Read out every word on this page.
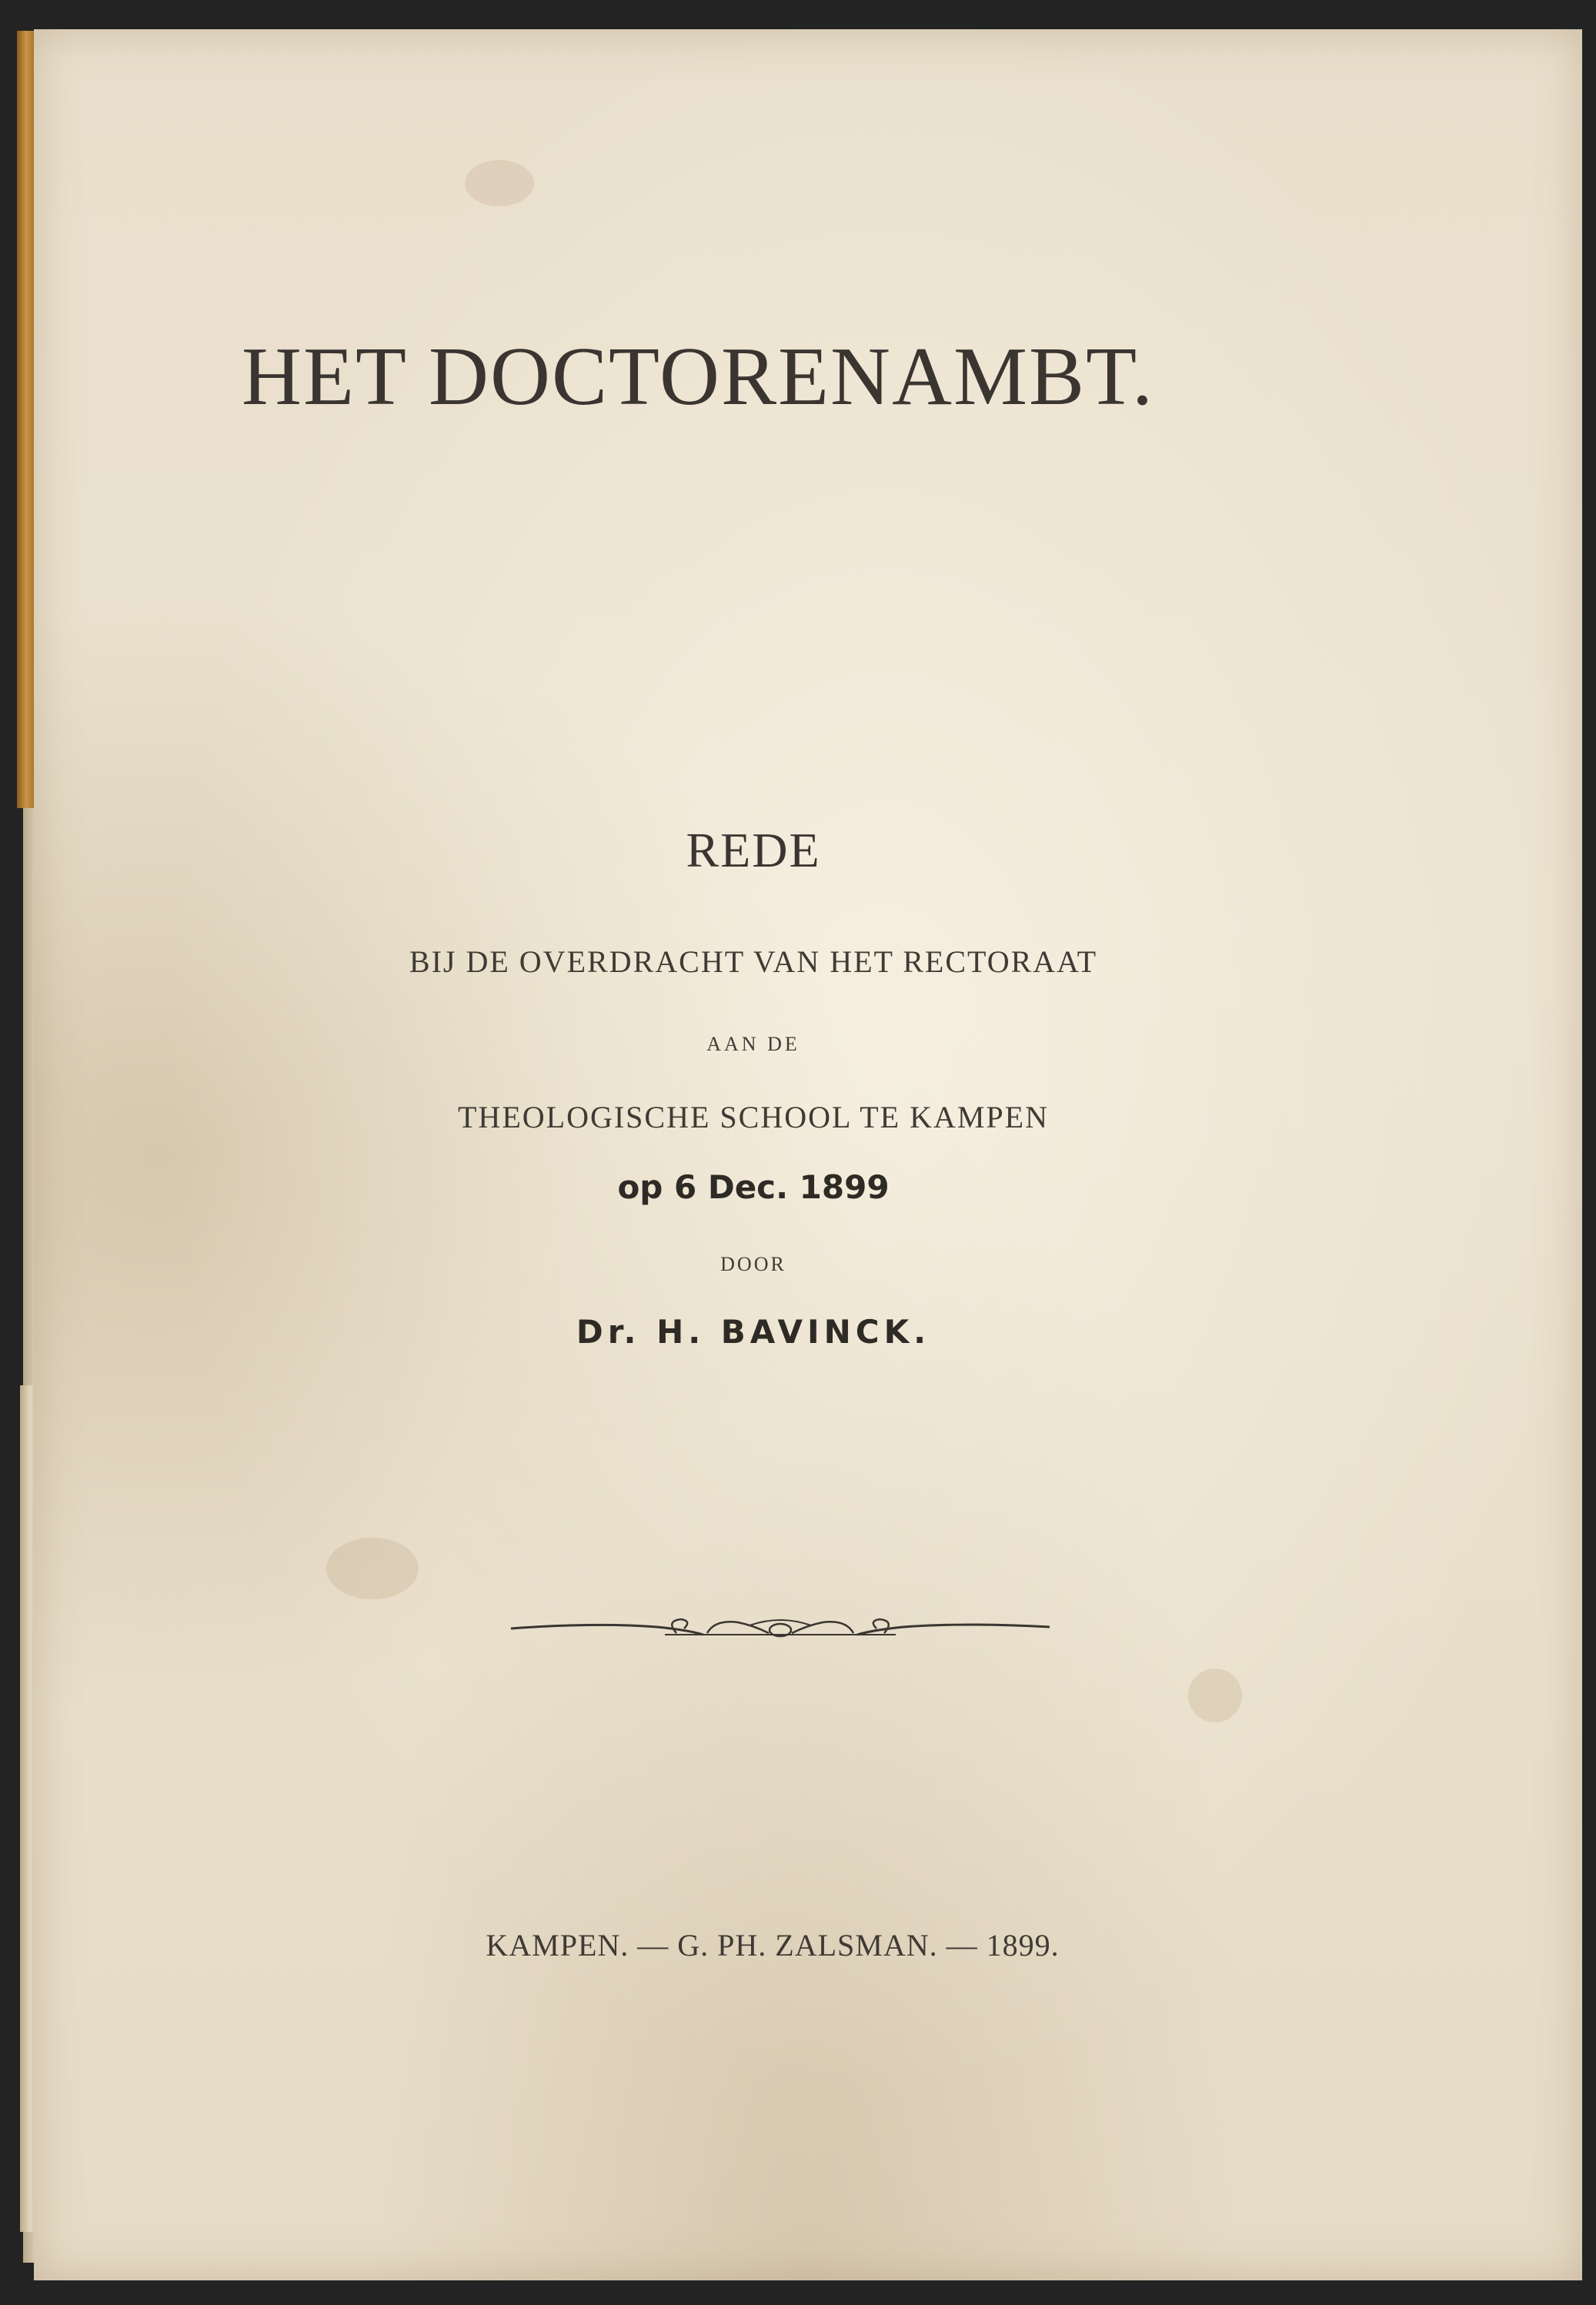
HET DOCTORENAMBT.
REDE
BIJ DE OVERDRACHT VAN HET RECTORAAT
AAN DE
THEOLOGISCHE SCHOOL TE KAMPEN
op 6 Dec. 1899
DOOR
Dr. H. BAVINCK.
KAMPEN. — G. PH. ZALSMAN. — 1899.
